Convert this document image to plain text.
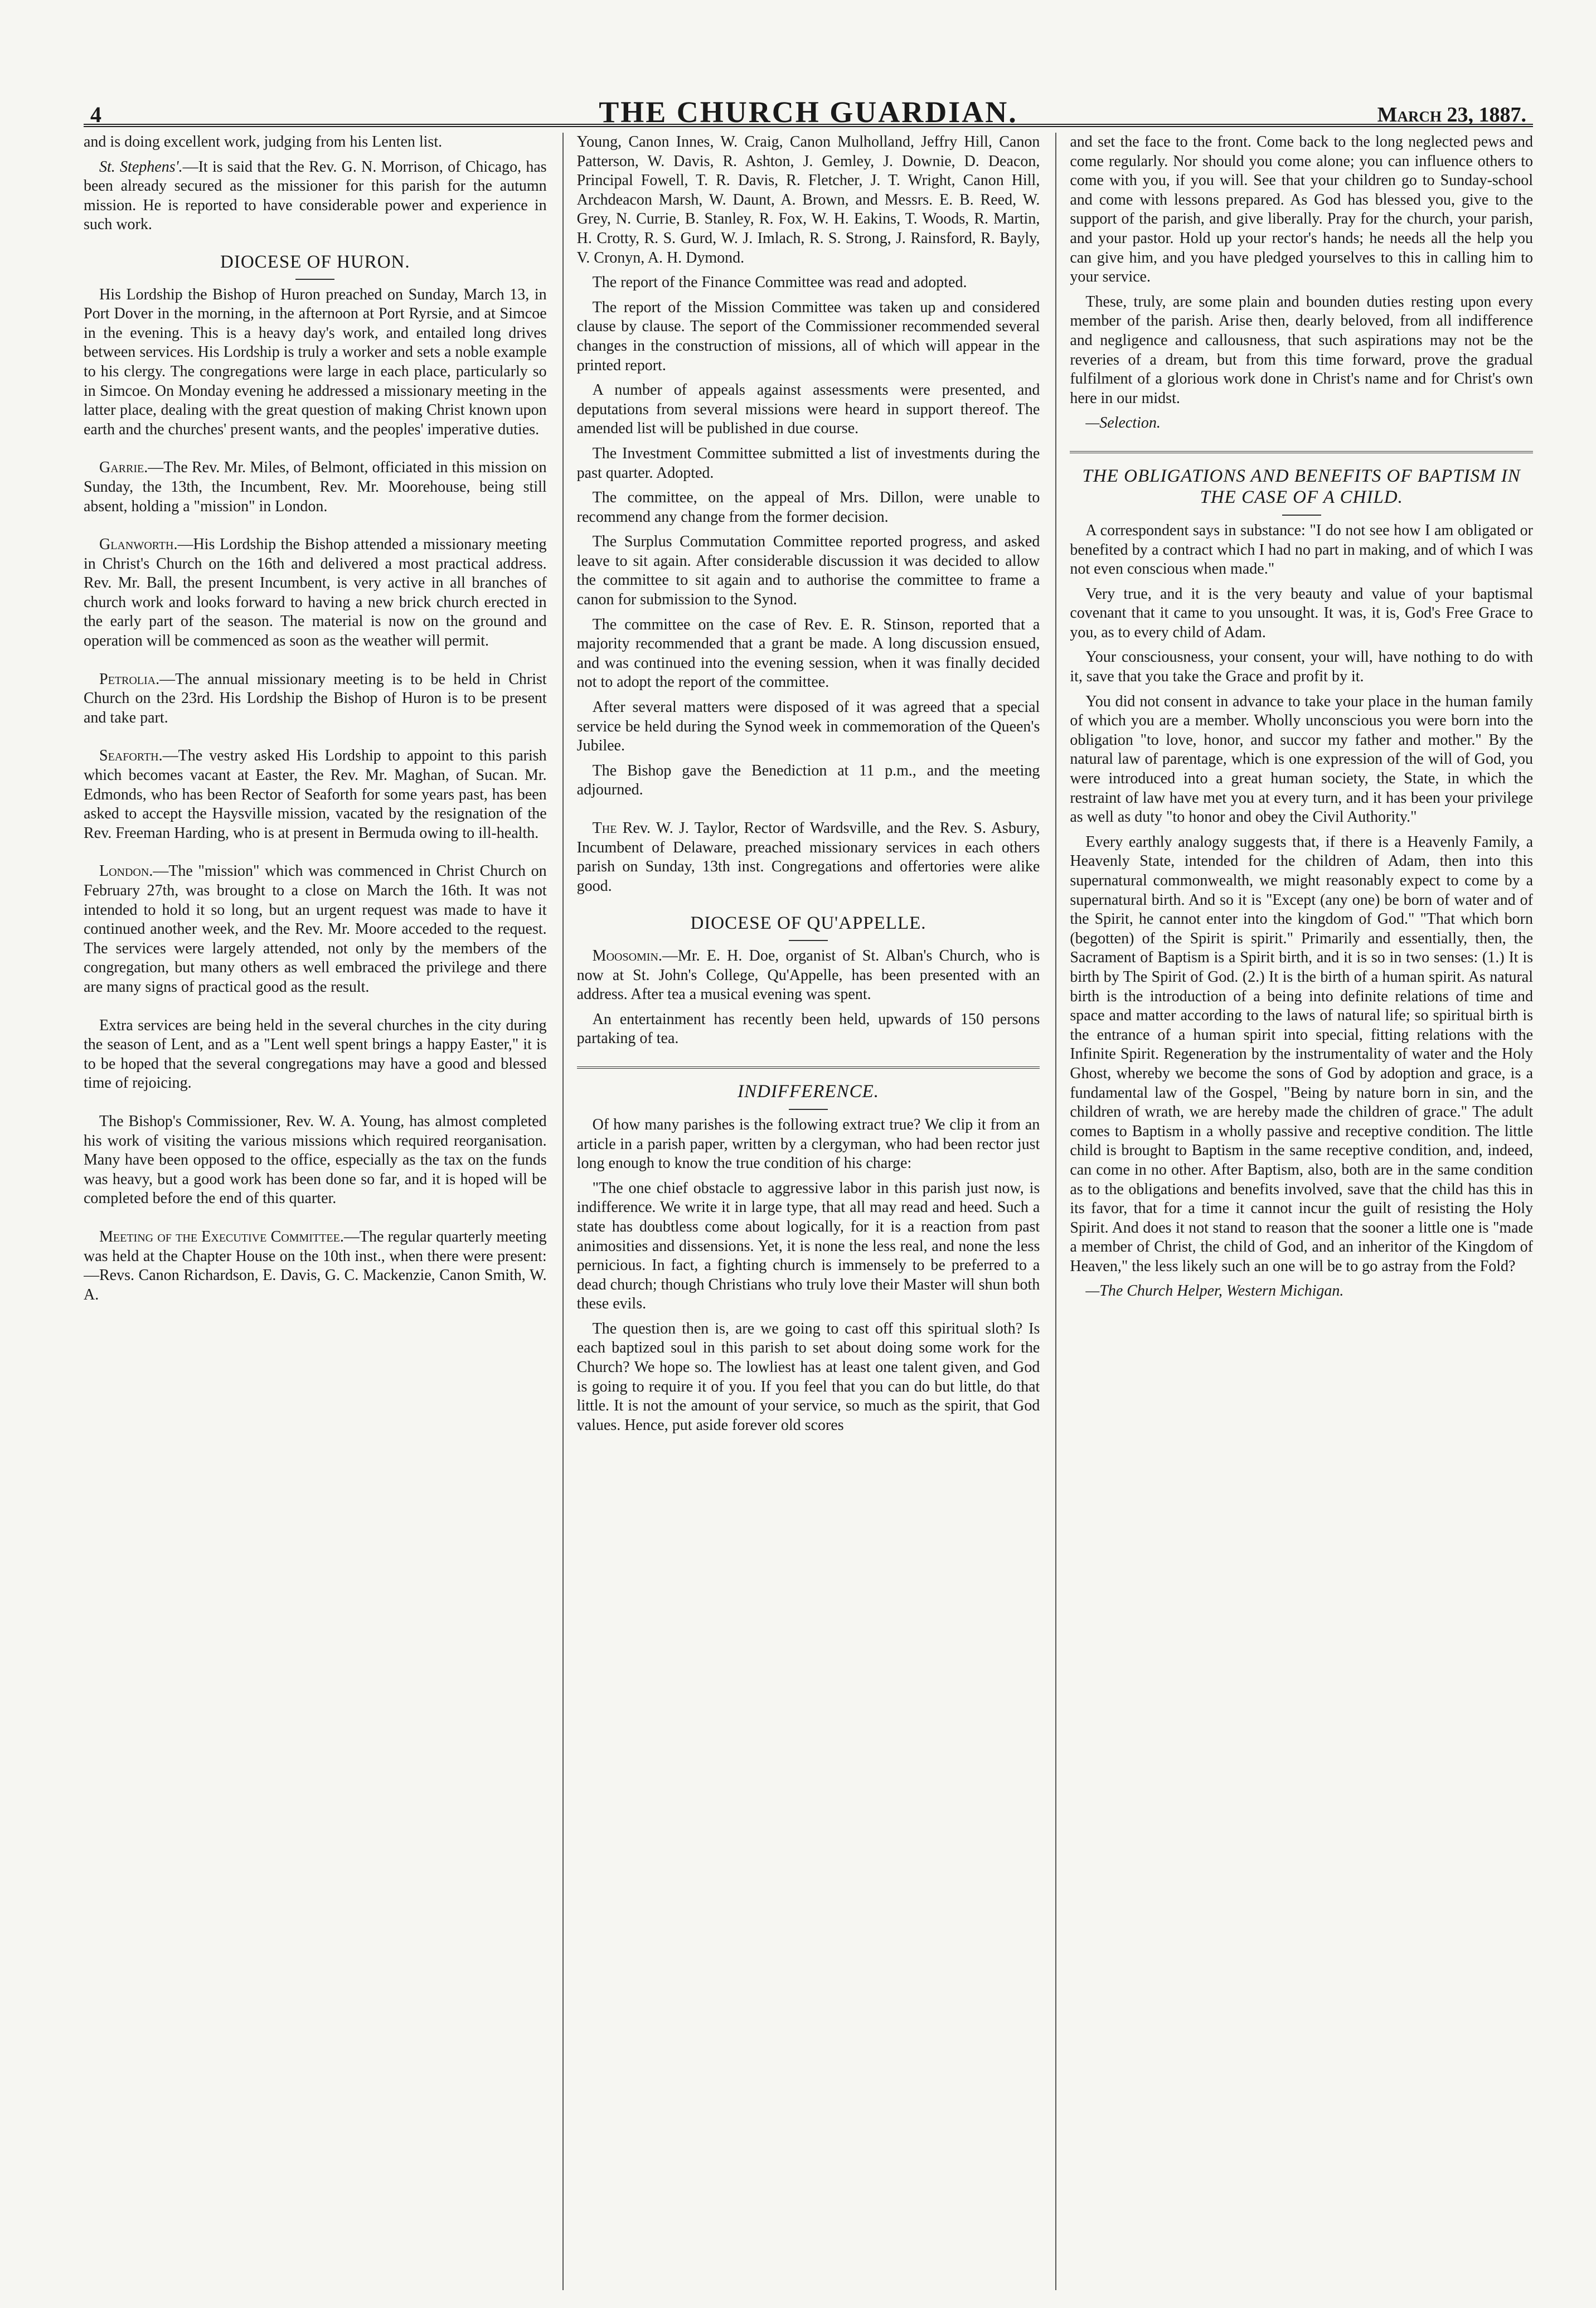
4	THE CHURCH GUARDIAN.	March 23, 1887.

and is doing excellent work, judging from his Lenten list.

St. Stephens'.—It is said that the Rev. G. N. Morrison, of Chicago, has been already secured as the missioner for this parish for the autumn mission. He is reported to have considerable power and experience in such work.

DIOCESE OF HURON.

His Lordship the Bishop of Huron preached on Sunday, March 13, in Port Dover in the morning, in the afternoon at Port Ryrsie, and at Simcoe in the evening. This is a heavy day's work, and entailed long drives between services. His Lordship is truly a worker and sets a noble example to his clergy. The congregations were large in each place, particularly so in Simcoe. On Monday evening he addressed a missionary meeting in the latter place, dealing with the great question of making Christ known upon earth and the churches' present wants, and the peoples' imperative duties.

Garrie.—The Rev. Mr. Miles, of Belmont, officiated in this mission on Sunday, the 13th, the Incumbent, Rev. Mr. Moorehouse, being still absent, holding a "mission" in London.

Glanworth.—His Lordship the Bishop attended a missionary meeting in Christ's Church on the 16th and delivered a most practical address. Rev. Mr. Ball, the present Incumbent, is very active in all branches of church work and looks forward to having a new brick church erected in the early part of the season. The material is now on the ground and operation will be commenced as soon as the weather will permit.

Petrolia.—The annual missionary meeting is to be held in Christ Church on the 23rd. His Lordship the Bishop of Huron is to be present and take part.

Seaforth.—The vestry asked His Lordship to appoint to this parish which becomes vacant at Easter, the Rev. Mr. Maghan, of Sucan. Mr. Edmonds, who has been Rector of Seaforth for some years past, has been asked to accept the Haysville mission, vacated by the resignation of the Rev. Freeman Harding, who is at present in Bermuda owing to ill-health.

London.—The "mission" which was commenced in Christ Church on February 27th, was brought to a close on March the 16th. It was not intended to hold it so long, but an urgent request was made to have it continued another week, and the Rev. Mr. Moore acceded to the request. The services were largely attended, not only by the members of the congregation, but many others as well embraced the privilege and there are many signs of practical good as the result.

Extra services are being held in the several churches in the city during the season of Lent, and as a "Lent well spent brings a happy Easter," it is to be hoped that the several congregations may have a good and blessed time of rejoicing.

The Bishop's Commissioner, Rev. W. A. Young, has almost completed his work of visiting the various missions which required reorganisation. Many have been opposed to the office, especially as the tax on the funds was heavy, but a good work has been done so far, and it is hoped will be completed before the end of this quarter.

Meeting of the Executive Committee.—The regular quarterly meeting was held at the Chapter House on the 10th inst., when there were present:—Revs. Canon Richardson, E. Davis, G. C. Mackenzie, Canon Smith, W. A.

Young, Canon Innes, W. Craig, Canon Mulholland, Jeffry Hill, Canon Patterson, W. Davis, R. Ashton, J. Gemley, J. Downie, D. Deacon, Principal Fowell, T. R. Davis, R. Fletcher, J. T. Wright, Canon Hill, Archdeacon Marsh, W. Daunt, A. Brown, and Messrs. E. B. Reed, W. Grey, N. Currie, B. Stanley, R. Fox, W. H. Eakins, T. Woods, R. Martin, H. Crotty, R. S. Gurd, W. J. Imlach, R. S. Strong, J. Rainsford, R. Bayly, V. Cronyn, A. H. Dymond.

The report of the Finance Committee was read and adopted.

The report of the Mission Committee was taken up and considered clause by clause. The seport of the Commissioner recommended several changes in the construction of missions, all of which will appear in the printed report.

A number of appeals against assessments were presented, and deputations from several missions were heard in support thereof. The amended list will be published in due course.

The Investment Committee submitted a list of investments during the past quarter. Adopted.

The committee, on the appeal of Mrs. Dillon, were unable to recommend any change from the former decision.

The Surplus Commutation Committee reported progress, and asked leave to sit again. After considerable discussion it was decided to allow the committee to sit again and to authorise the committee to frame a canon for submission to the Synod.

The committee on the case of Rev. E. R. Stinson, reported that a majority recommended that a grant be made. A long discussion ensued, and was continued into the evening session, when it was finally decided not to adopt the report of the committee.

After several matters were disposed of it was agreed that a special service be held during the Synod week in commemoration of the Queen's Jubilee.

The Bishop gave the Benediction at 11 p.m., and the meeting adjourned.

The Rev. W. J. Taylor, Rector of Wardsville, and the Rev. S. Asbury, Incumbent of Delaware, preached missionary services in each others parish on Sunday, 13th inst. Congregations and offertories were alike good.

DIOCESE OF QU'APPELLE.

Moosomin.—Mr. E. H. Doe, organist of St. Alban's Church, who is now at St. John's College, Qu'Appelle, has been presented with an address. After tea a musical evening was spent.

An entertainment has recently been held, upwards of 150 persons partaking of tea.

INDIFFERENCE.

Of how many parishes is the following extract true? We clip it from an article in a parish paper, written by a clergyman, who had been rector just long enough to know the true condition of his charge:

"The one chief obstacle to aggressive labor in this parish just now, is indifference. We write it in large type, that all may read and heed. Such a state has doubtless come about logically, for it is a reaction from past animosities and dissensions. Yet, it is none the less real, and none the less pernicious. In fact, a fighting church is immensely to be preferred to a dead church; though Christians who truly love their Master will shun both these evils.

The question then is, are we going to cast off this spiritual sloth? Is each baptized soul in this parish to set about doing some work for the Church? We hope so. The lowliest has at least one talent given, and God is going to require it of you. If you feel that you can do but little, do that little. It is not the amount of your service, so much as the spirit, that God values. Hence, put aside forever old scores

and set the face to the front. Come back to the long neglected pews and come regularly. Nor should you come alone; you can influence others to come with you, if you will. See that your children go to Sunday-school and come with lessons prepared. As God has blessed you, give to the support of the parish, and give liberally. Pray for the church, your parish, and your pastor. Hold up your rector's hands; he needs all the help you can give him, and you have pledged yourselves to this in calling him to your service.

These, truly, are some plain and bounden duties resting upon every member of the parish. Arise then, dearly beloved, from all indifference and negligence and callousness, that such aspirations may not be the reveries of a dream, but from this time forward, prove the gradual fulfilment of a glorious work done in Christ's name and for Christ's own here in our midst.

—Selection.

THE OBLIGATIONS AND BENEFITS OF BAPTISM IN THE CASE OF A CHILD.

A correspondent says in substance: "I do not see how I am obligated or benefited by a contract which I had no part in making, and of which I was not even conscious when made."

Very true, and it is the very beauty and value of your baptismal covenant that it came to you unsought. It was, it is, God's Free Grace to you, as to every child of Adam.

Your consciousness, your consent, your will, have nothing to do with it, save that you take the Grace and profit by it.

You did not consent in advance to take your place in the human family of which you are a member. Wholly unconscious you were born into the obligation "to love, honor, and succor my father and mother." By the natural law of parentage, which is one expression of the will of God, you were introduced into a great human society, the State, in which the restraint of law have met you at every turn, and it has been your privilege as well as duty "to honor and obey the Civil Authority."

Every earthly analogy suggests that, if there is a Heavenly Family, a Heavenly State, intended for the children of Adam, then into this supernatural commonwealth, we might reasonably expect to come by a supernatural birth. And so it is "Except (any one) be born of water and of the Spirit, he cannot enter into the kingdom of God." "That which born (begotten) of the Spirit is spirit." Primarily and essentially, then, the Sacrament of Baptism is a Spirit birth, and it is so in two senses: (1.) It is birth by The Spirit of God. (2.) It is the birth of a human spirit. As natural birth is the introduction of a being into definite relations of time and space and matter according to the laws of natural life; so spiritual birth is the entrance of a human spirit into special, fitting relations with the Infinite Spirit. Regeneration by the instrumentality of water and the Holy Ghost, whereby we become the sons of God by adoption and grace, is a fundamental law of the Gospel, "Being by nature born in sin, and the children of wrath, we are hereby made the children of grace." The adult comes to Baptism in a wholly passive and receptive condition. The little child is brought to Baptism in the same receptive condition, and, indeed, can come in no other. After Baptism, also, both are in the same condition as to the obligations and benefits involved, save that the child has this in its favor, that for a time it cannot incur the guilt of resisting the Holy Spirit. And does it not stand to reason that the sooner a little one is "made a member of Christ, the child of God, and an inheritor of the Kingdom of Heaven," the less likely such an one will be to go astray from the Fold?

—The Church Helper, Western Michigan.
